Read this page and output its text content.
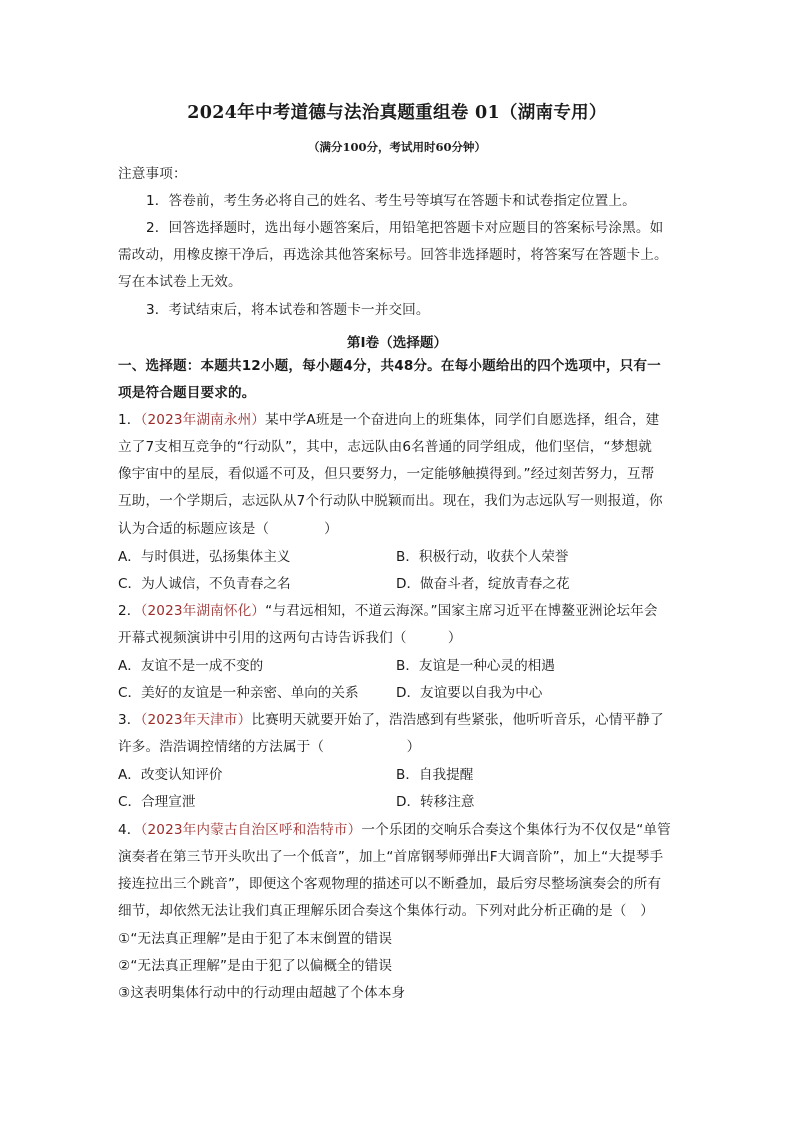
2024年中考道德与法治真题重组卷 01（湖南专用）
（满分100分，考试用时60分钟）
注意事项：
1．答卷前，考生务必将自己的姓名、考生号等填写在答题卡和试卷指定位置上。
2．回答选择题时，选出每小题答案后，用铅笔把答题卡对应题目的答案标号涂黑。如
需改动，用橡皮擦干净后，再选涂其他答案标号。回答非选择题时，将答案写在答题卡上。
写在本试卷上无效。
3．考试结束后，将本试卷和答题卡一并交回。
第Ⅰ卷（选择题）
一、选择题：本题共12小题，每小题4分，共48分。在每小题给出的四个选项中，只有一
项是符合题目要求的。
1．（2023年湖南永州）某中学A班是一个奋进向上的班集体，同学们自愿选择，组合，建
立了7支相互竞争的“行动队”，其中，志远队由6名普通的同学组成，他们坚信，“梦想就
像宇宙中的星辰，看似遥不可及，但只要努力，一定能够触摸得到。”经过刻苦努力，互帮
互助，一个学期后，志远队从7个行动队中脱颖而出。现在，我们为志远队写一则报道，你
认为合适的标题应该是（　　　　）
A．与时俱进，弘扬集体主义	B．积极行动，收获个人荣誉
C．为人诚信，不负青春之名	D．做奋斗者，绽放青春之花
2．（2023年湖南怀化）“与君远相知，不道云海深。”国家主席习近平在博鳌亚洲论坛年会
开幕式视频演讲中引用的这两句古诗告诉我们（　　　）
A．友谊不是一成不变的	B．友谊是一种心灵的相遇
C．美好的友谊是一种亲密、单向的关系	D．友谊要以自我为中心
3．（2023年天津市）比赛明天就要开始了，浩浩感到有些紧张，他听听音乐，心情平静了
许多。浩浩调控情绪的方法属于（　　　　　　）
A．改变认知评价	B．自我提醒
C．合理宣泄	D．转移注意
4．（2023年内蒙古自治区呼和浩特市）一个乐团的交响乐合奏这个集体行为不仅仅是“单管
演奏者在第三节开头吹出了一个低音”，加上“首席钢琴师弹出F大调音阶”，加上“大提琴手
接连拉出三个跳音”，即便这个客观物理的描述可以不断叠加，最后穷尽整场演奏会的所有
细节，却依然无法让我们真正理解乐团合奏这个集体行动。下列对此分析正确的是（　）
①“无法真正理解”是由于犯了本末倒置的错误
②“无法真正理解”是由于犯了以偏概全的错误
③这表明集体行动中的行动理由超越了个体本身
